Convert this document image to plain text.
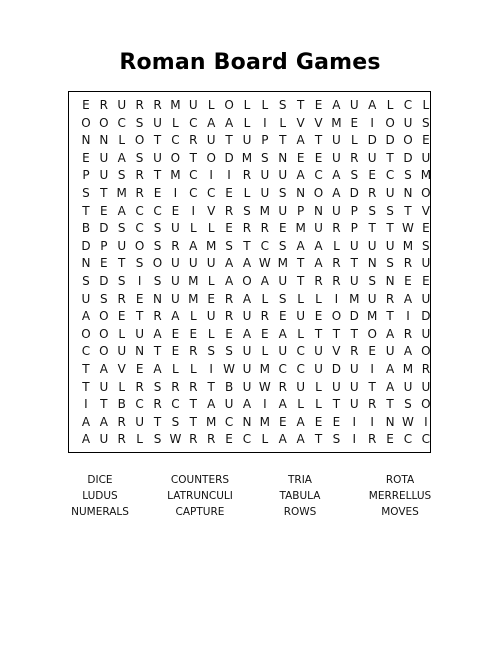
Roman Board Games
E R U R R M U L O L L S T E A U A L C L
O O C S U L C A A L	I	L V V M E	I O U S
N N L O T C R U T U P T A T U L D D O E
E U A S U O T O D M S N E E U R U T D U
P U S R T M C I	I R U U A C A S E C S M
S T M R E	I C C E L U S N O A D R U N O
T E A C C E	I	V R S M U P N U P S S T V
B D S C S U L L E R R E M U R P T T W E
D P U O S R A M S T C S A A L U U U M S
N E T S O U U U A A W M T A R T N S R U
S D S	I	S U M L A O A U T R R U S N E E
U S R E N U M E R A L S L L	I M U R A U
A O E T R A L U R U R E U E O D M T	I D
O O L U A E E L E A E A L T T T O A R U
C O U N T E R S S U L U C U V R E U A O
T A V E A L L	I W U M C C U D U I	A M R
T U L R S R R T B U W R U L U U T A U U
I	T B C R C T A U A	I	A L L T U R T S O
A A R U T S T M C N M E A E E	I	I N W I
A U R L S W R R E C L A A T S	I R E C C
DICE	COUNTERS	TRIA	ROTA
LUDUS	LATRUNCULI	TABULA	MERRELLUS
NUMERALS	CAPTURE	ROWS	MOVES
